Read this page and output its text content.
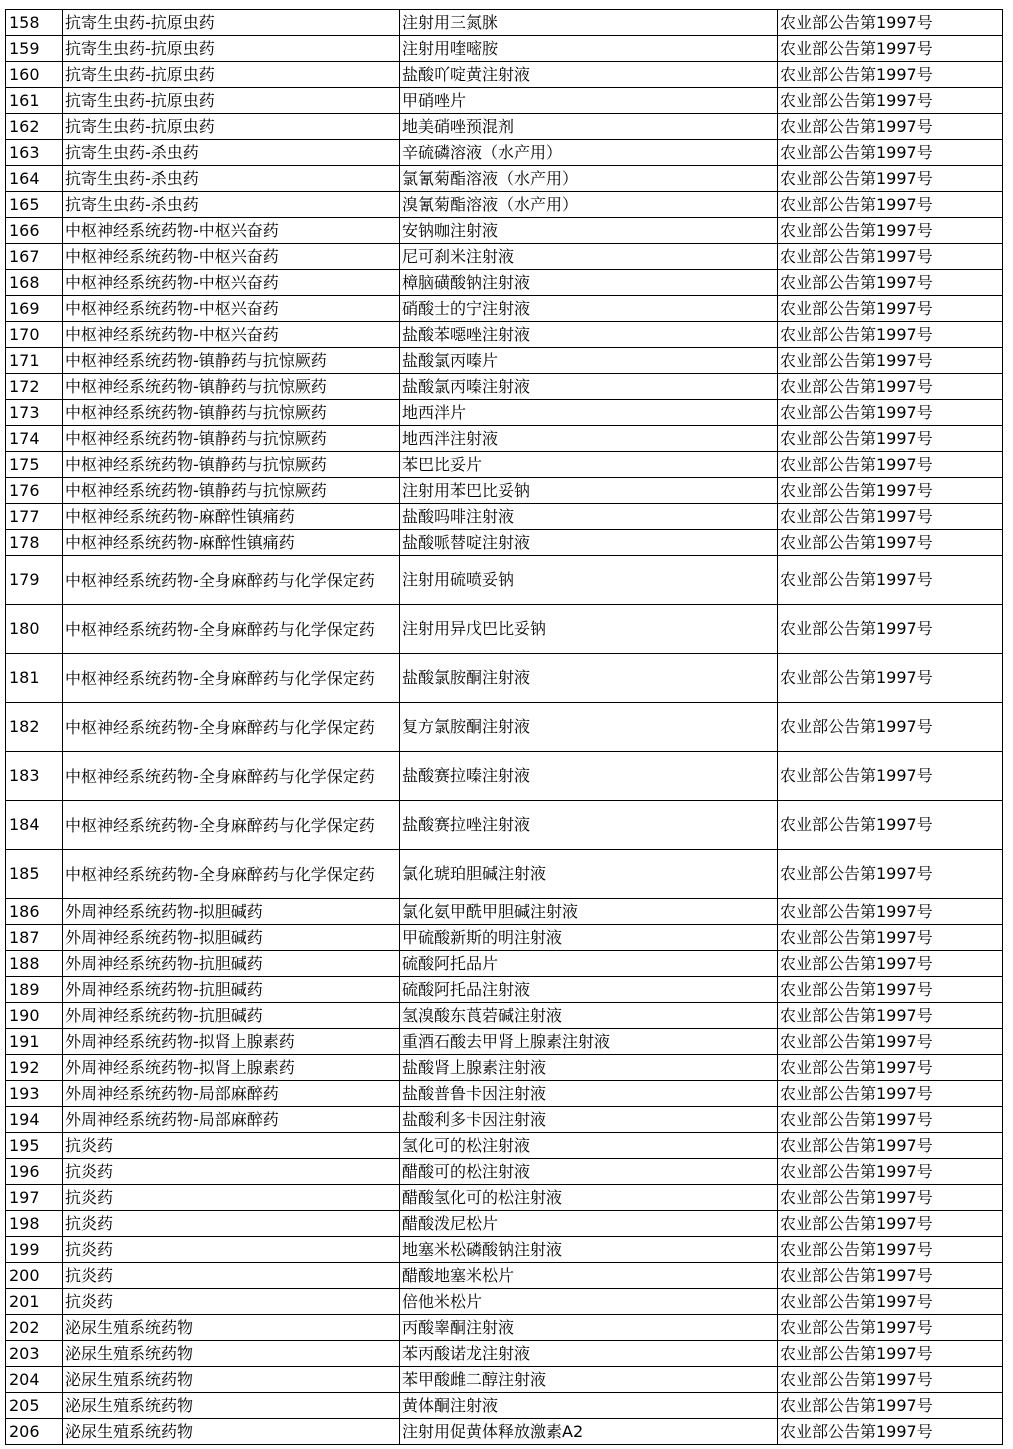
158	抗寄生虫药-抗原虫药	注射用三氮脒	农业部公告第1997号
159	抗寄生虫药-抗原虫药	注射用喹嘧胺	农业部公告第1997号
160	抗寄生虫药-抗原虫药	盐酸吖啶黄注射液	农业部公告第1997号
161	抗寄生虫药-抗原虫药	甲硝唑片	农业部公告第1997号
162	抗寄生虫药-抗原虫药	地美硝唑预混剂	农业部公告第1997号
163	抗寄生虫药-杀虫药	辛硫磷溶液（水产用）	农业部公告第1997号
164	抗寄生虫药-杀虫药	氯氰菊酯溶液（水产用）	农业部公告第1997号
165	抗寄生虫药-杀虫药	溴氰菊酯溶液（水产用）	农业部公告第1997号
166	中枢神经系统药物-中枢兴奋药	安钠咖注射液	农业部公告第1997号
167	中枢神经系统药物-中枢兴奋药	尼可刹米注射液	农业部公告第1997号
168	中枢神经系统药物-中枢兴奋药	樟脑磺酸钠注射液	农业部公告第1997号
169	中枢神经系统药物-中枢兴奋药	硝酸士的宁注射液	农业部公告第1997号
170	中枢神经系统药物-中枢兴奋药	盐酸苯噁唑注射液	农业部公告第1997号
171	中枢神经系统药物-镇静药与抗惊厥药	盐酸氯丙嗪片	农业部公告第1997号
172	中枢神经系统药物-镇静药与抗惊厥药	盐酸氯丙嗪注射液	农业部公告第1997号
173	中枢神经系统药物-镇静药与抗惊厥药	地西泮片	农业部公告第1997号
174	中枢神经系统药物-镇静药与抗惊厥药	地西泮注射液	农业部公告第1997号
175	中枢神经系统药物-镇静药与抗惊厥药	苯巴比妥片	农业部公告第1997号
176	中枢神经系统药物-镇静药与抗惊厥药	注射用苯巴比妥钠	农业部公告第1997号
177	中枢神经系统药物-麻醉性镇痛药	盐酸吗啡注射液	农业部公告第1997号
178	中枢神经系统药物-麻醉性镇痛药	盐酸哌替啶注射液	农业部公告第1997号
179	中枢神经系统药物-全身麻醉药与化学保定药	注射用硫喷妥钠	农业部公告第1997号
180	中枢神经系统药物-全身麻醉药与化学保定药	注射用异戊巴比妥钠	农业部公告第1997号
181	中枢神经系统药物-全身麻醉药与化学保定药	盐酸氯胺酮注射液	农业部公告第1997号
182	中枢神经系统药物-全身麻醉药与化学保定药	复方氯胺酮注射液	农业部公告第1997号
183	中枢神经系统药物-全身麻醉药与化学保定药	盐酸赛拉嗪注射液	农业部公告第1997号
184	中枢神经系统药物-全身麻醉药与化学保定药	盐酸赛拉唑注射液	农业部公告第1997号
185	中枢神经系统药物-全身麻醉药与化学保定药	氯化琥珀胆碱注射液	农业部公告第1997号
186	外周神经系统药物-拟胆碱药	氯化氨甲酰甲胆碱注射液	农业部公告第1997号
187	外周神经系统药物-拟胆碱药	甲硫酸新斯的明注射液	农业部公告第1997号
188	外周神经系统药物-抗胆碱药	硫酸阿托品片	农业部公告第1997号
189	外周神经系统药物-抗胆碱药	硫酸阿托品注射液	农业部公告第1997号
190	外周神经系统药物-抗胆碱药	氢溴酸东莨菪碱注射液	农业部公告第1997号
191	外周神经系统药物-拟肾上腺素药	重酒石酸去甲肾上腺素注射液	农业部公告第1997号
192	外周神经系统药物-拟肾上腺素药	盐酸肾上腺素注射液	农业部公告第1997号
193	外周神经系统药物-局部麻醉药	盐酸普鲁卡因注射液	农业部公告第1997号
194	外周神经系统药物-局部麻醉药	盐酸利多卡因注射液	农业部公告第1997号
195	抗炎药	氢化可的松注射液	农业部公告第1997号
196	抗炎药	醋酸可的松注射液	农业部公告第1997号
197	抗炎药	醋酸氢化可的松注射液	农业部公告第1997号
198	抗炎药	醋酸泼尼松片	农业部公告第1997号
199	抗炎药	地塞米松磷酸钠注射液	农业部公告第1997号
200	抗炎药	醋酸地塞米松片	农业部公告第1997号
201	抗炎药	倍他米松片	农业部公告第1997号
202	泌尿生殖系统药物	丙酸睾酮注射液	农业部公告第1997号
203	泌尿生殖系统药物	苯丙酸诺龙注射液	农业部公告第1997号
204	泌尿生殖系统药物	苯甲酸雌二醇注射液	农业部公告第1997号
205	泌尿生殖系统药物	黄体酮注射液	农业部公告第1997号
206	泌尿生殖系统药物	注射用促黄体释放激素A2	农业部公告第1997号
